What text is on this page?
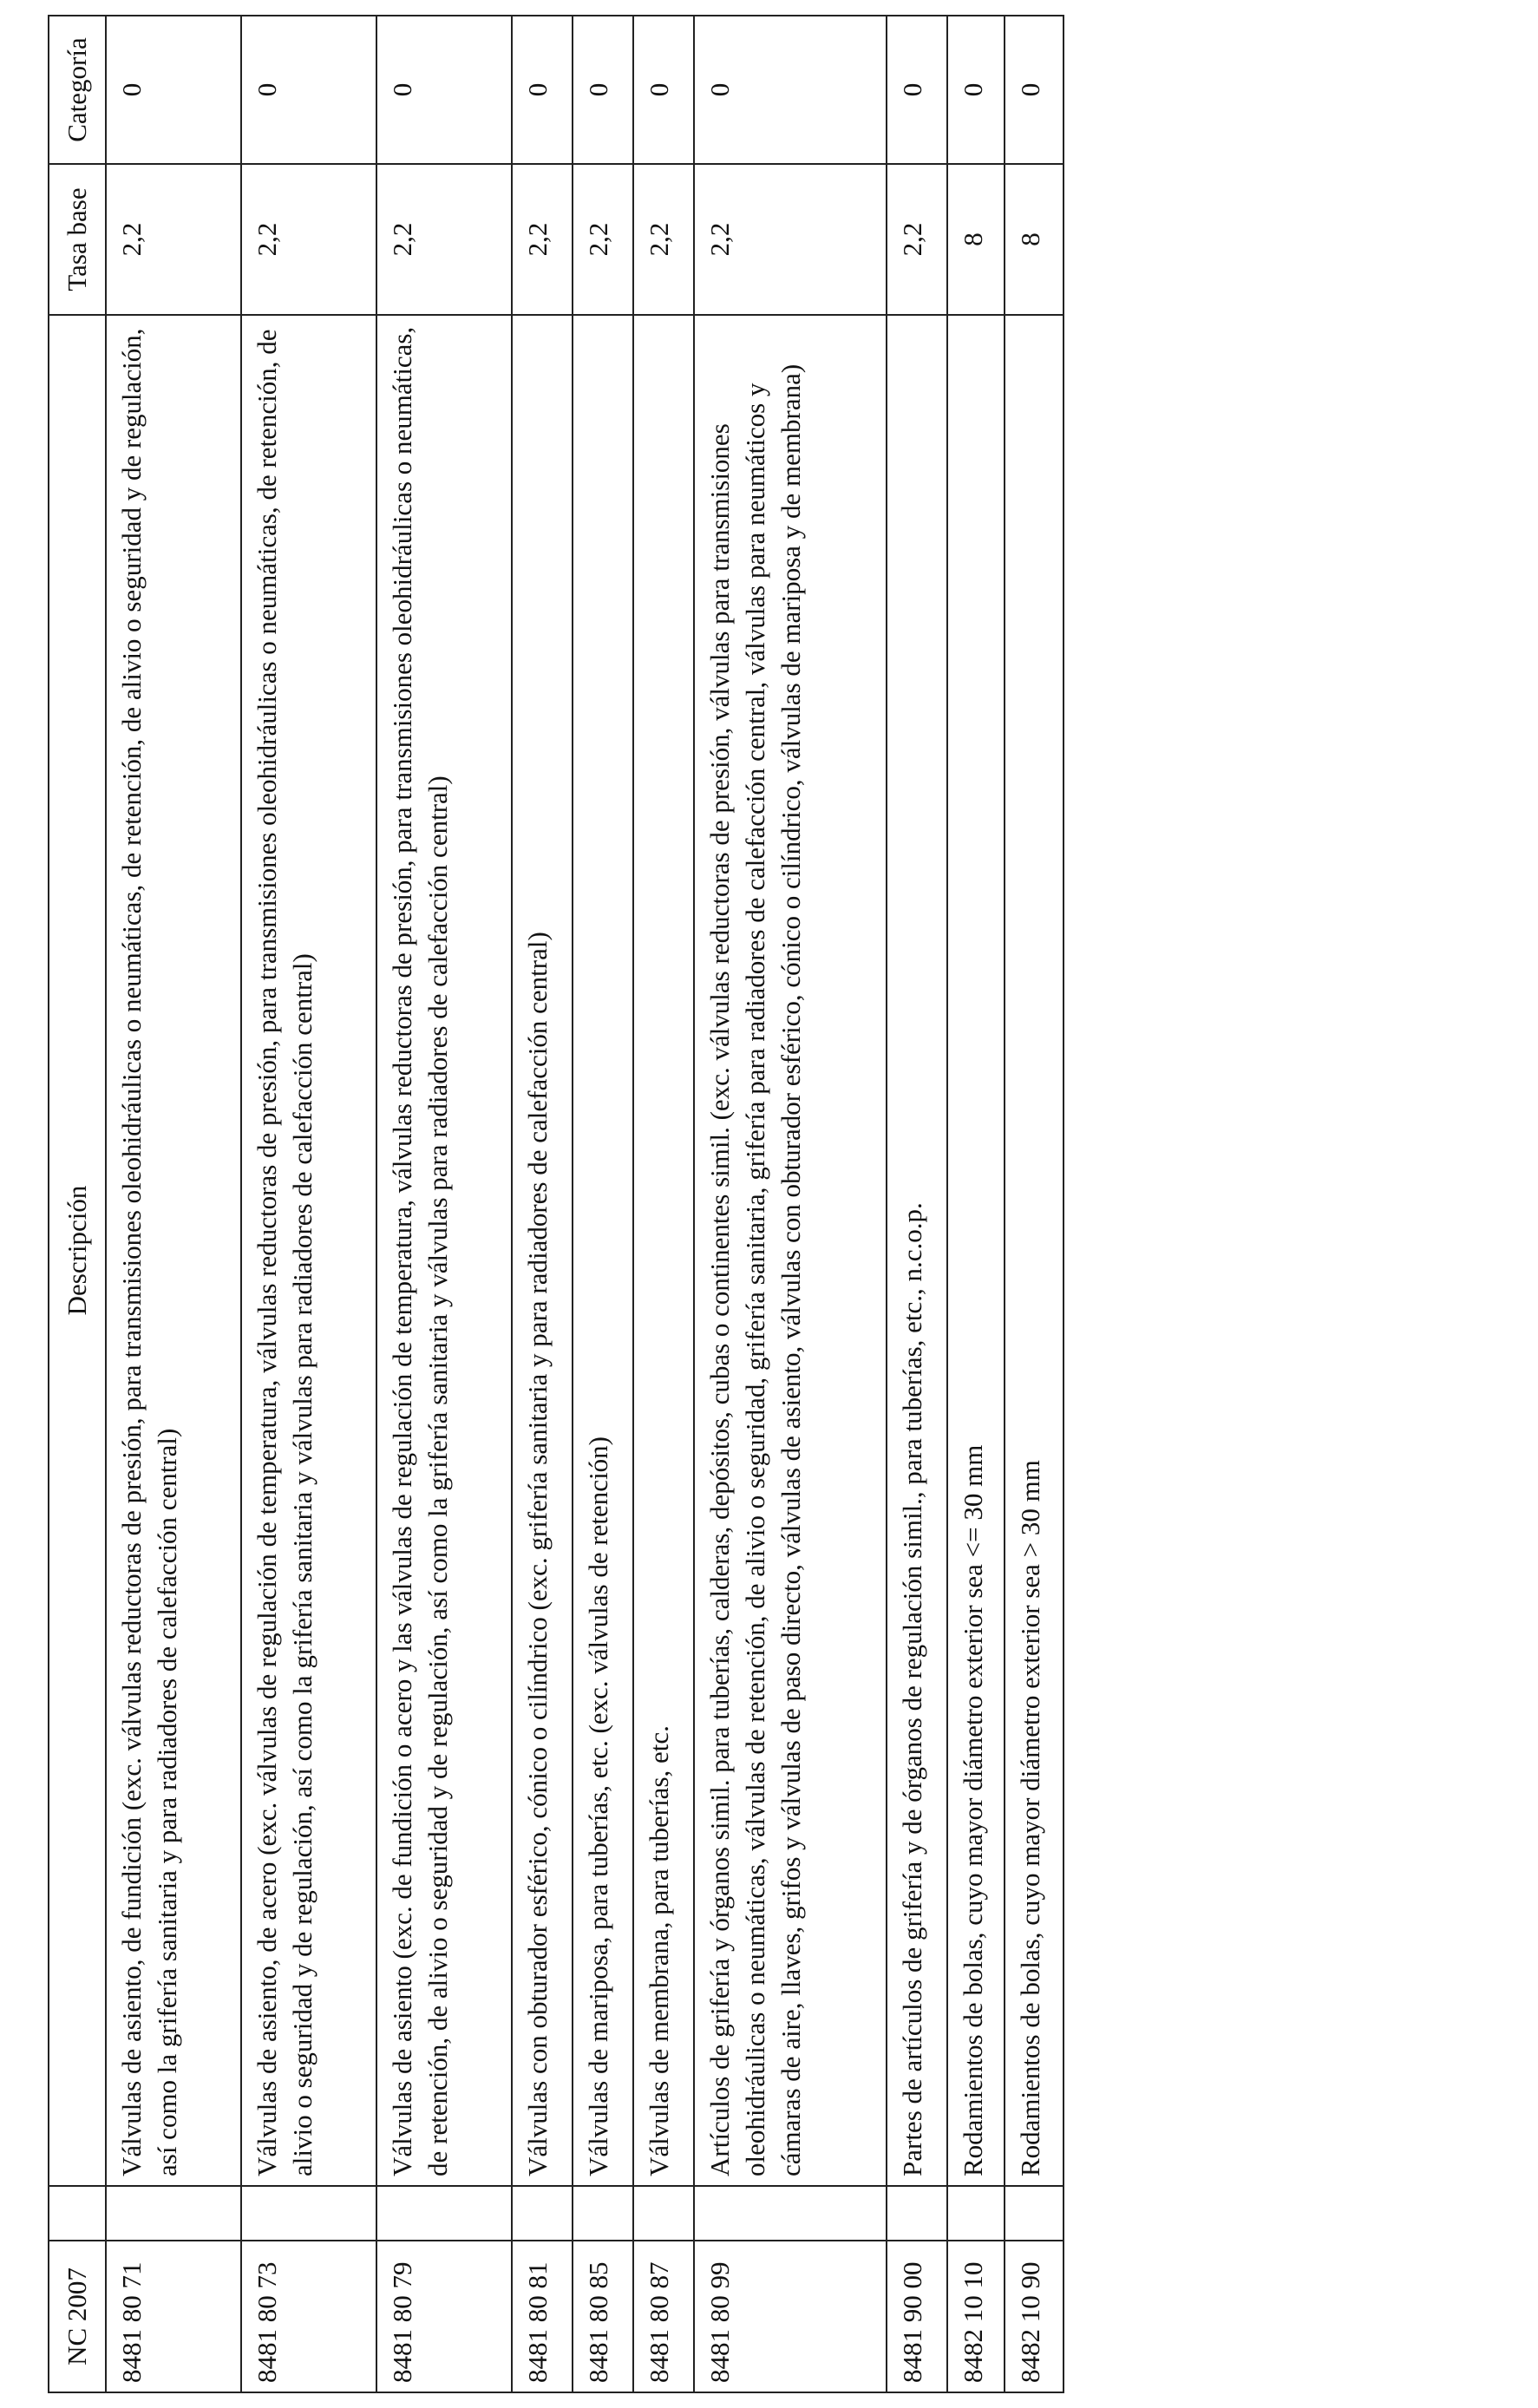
NC 2007		Descripción	Tasa base	Categoría
8481 80 71		Válvulas de asiento, de fundición (exc. válvulas reductoras de presión, para transmisiones oleohidráulicas o neumáticas, de retención, de alivio o seguridad y de regulación, así como la grifería sanitaria y para radiadores de calefacción central)	2,2	0
8481 80 73		Válvulas de asiento, de acero (exc. válvulas de regulación de temperatura, válvulas reductoras de presión, para transmisiones oleohidráulicas o neumáticas, de retención, de alivio o seguridad y de regulación, así como la grifería sanitaria y válvulas para radiadores de calefacción central)	2,2	0
8481 80 79		Válvulas de asiento (exc. de fundición o acero y las válvulas de regulación de temperatura, válvulas reductoras de presión, para transmisiones oleohidráulicas o neumáticas, de retención, de alivio o seguridad y de regulación, así como la grifería sanitaria y válvulas para radiadores de calefacción central)	2,2	0
8481 80 81		Válvulas con obturador esférico, cónico o cilíndrico (exc. grifería sanitaria y para radiadores de calefacción central)	2,2	0
8481 80 85		Válvulas de mariposa, para tuberías, etc. (exc. válvulas de retención)	2,2	0
8481 80 87		Válvulas de membrana, para tuberías, etc.	2,2	0
8481 80 99		Artículos de grifería y órganos simil. para tuberías, calderas, depósitos, cubas o continentes simil. (exc. válvulas reductoras de presión, válvulas para transmisiones oleohidráulicas o neumáticas, válvulas de retención, de alivio o seguridad, grifería sanitaria, grifería para radiadores de calefacción central, válvulas para neumáticos y cámaras de aire, llaves, grifos y válvulas de paso directo, válvulas de asiento, válvulas con obturador esférico, cónico o cilíndrico, válvulas de mariposa y de membrana)	2,2	0
8481 90 00		Partes de artículos de grifería y de órganos de regulación simil., para tuberías, etc., n.c.o.p.	2,2	0
8482 10 10		Rodamientos de bolas, cuyo mayor diámetro exterior sea <= 30 mm	8	0
8482 10 90		Rodamientos de bolas, cuyo mayor diámetro exterior sea > 30 mm	8	0
